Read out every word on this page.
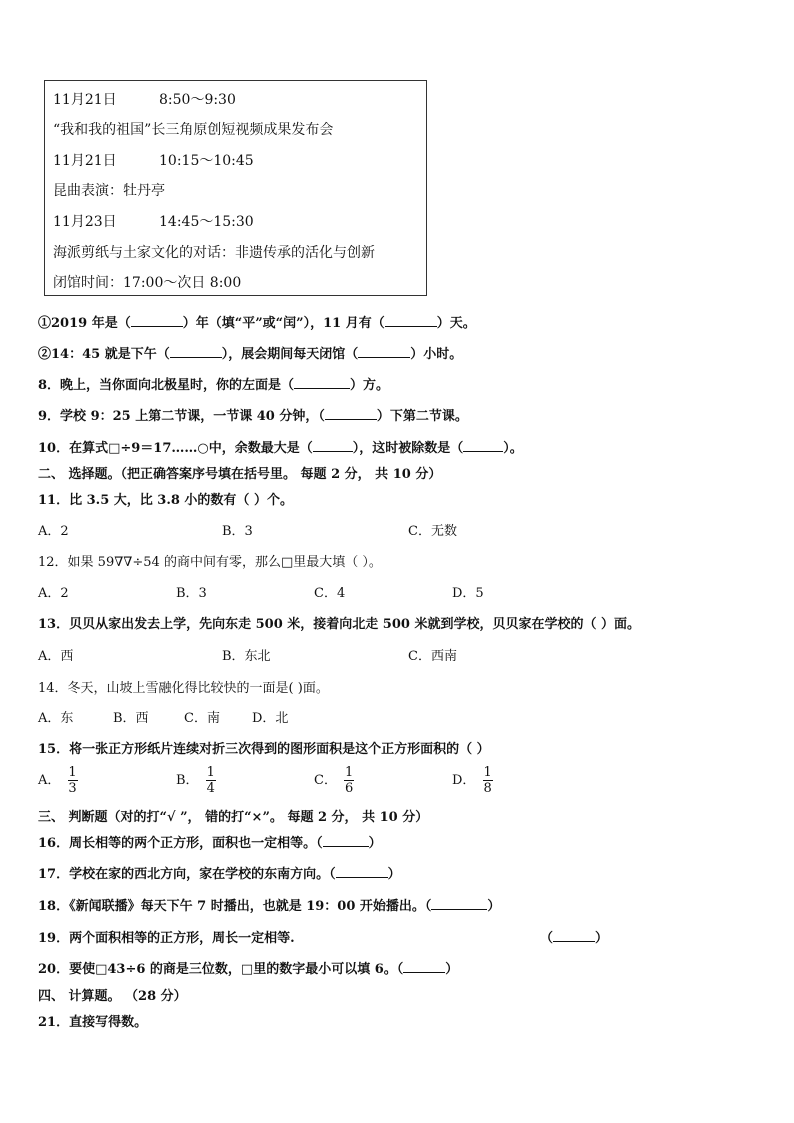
11月21日	8:50～9:30
“我和我的祖国”长三角原创短视频成果发布会
11月21日	10:15～10:45
昆曲表演：牡丹亭
11月23日	14:45～15:30
海派剪纸与土家文化的对话：非遗传承的活化与创新
闭馆时间：17:00～次日 8:00
①2019 年是（	）年（填“平”或“闰”），11 月有（	）天。
②14：45 就是下午（	），展会期间每天闭馆（	）小时。
8．晚上，当你面向北极星时，你的左面是（	）方。
9．学校 9：25 上第二节课，一节课 40 分钟，（	）下第二节课。
10．在算式□÷9＝17……○中，余数最大是（	），这时被除数是（	）。
二、 选择题。（把正确答案序号填在括号里。 每题 2 分， 共 10 分）
11．比 3.5 大，比 3.8 小的数有（ ）个。
A．2	B．3	C．无数
12．如果 59∇∇÷54 的商中间有零，那么□里最大填（ ）。
A．2	B．3	C．4	D．5
13．贝贝从家出发去上学，先向东走 500 米，接着向北走 500 米就到学校，贝贝家在学校的（ ）面。
A．西	B．东北	C．西南
14．冬天，山坡上雪融化得比较快的一面是( )面。
A．东	B．西	C．南 D．北
15．将一张正方形纸片连续对折三次得到的图形面积是这个正方形面积的（ ）
A． $\frac{1}{3}$	B． $\frac{1}{4}$	C． $\frac{1}{6}$	D． $\frac{1}{8}$
三、 判断题（对的打“√ ”， 错的打“×”。 每题 2 分， 共 10 分）
16．周长相等的两个正方形，面积也一定相等。（	）
17．学校在家的西北方向，家在学校的东南方向。（	）
18．《新闻联播》每天下午 7 时播出，也就是 19：00 开始播出。（	）
19．两个面积相等的正方形，周长一定相等.	（	）
20．要使□43÷6 的商是三位数，□里的数字最小可以填 6。（	）
四、 计算题。 （28 分）
21．直接写得数。
